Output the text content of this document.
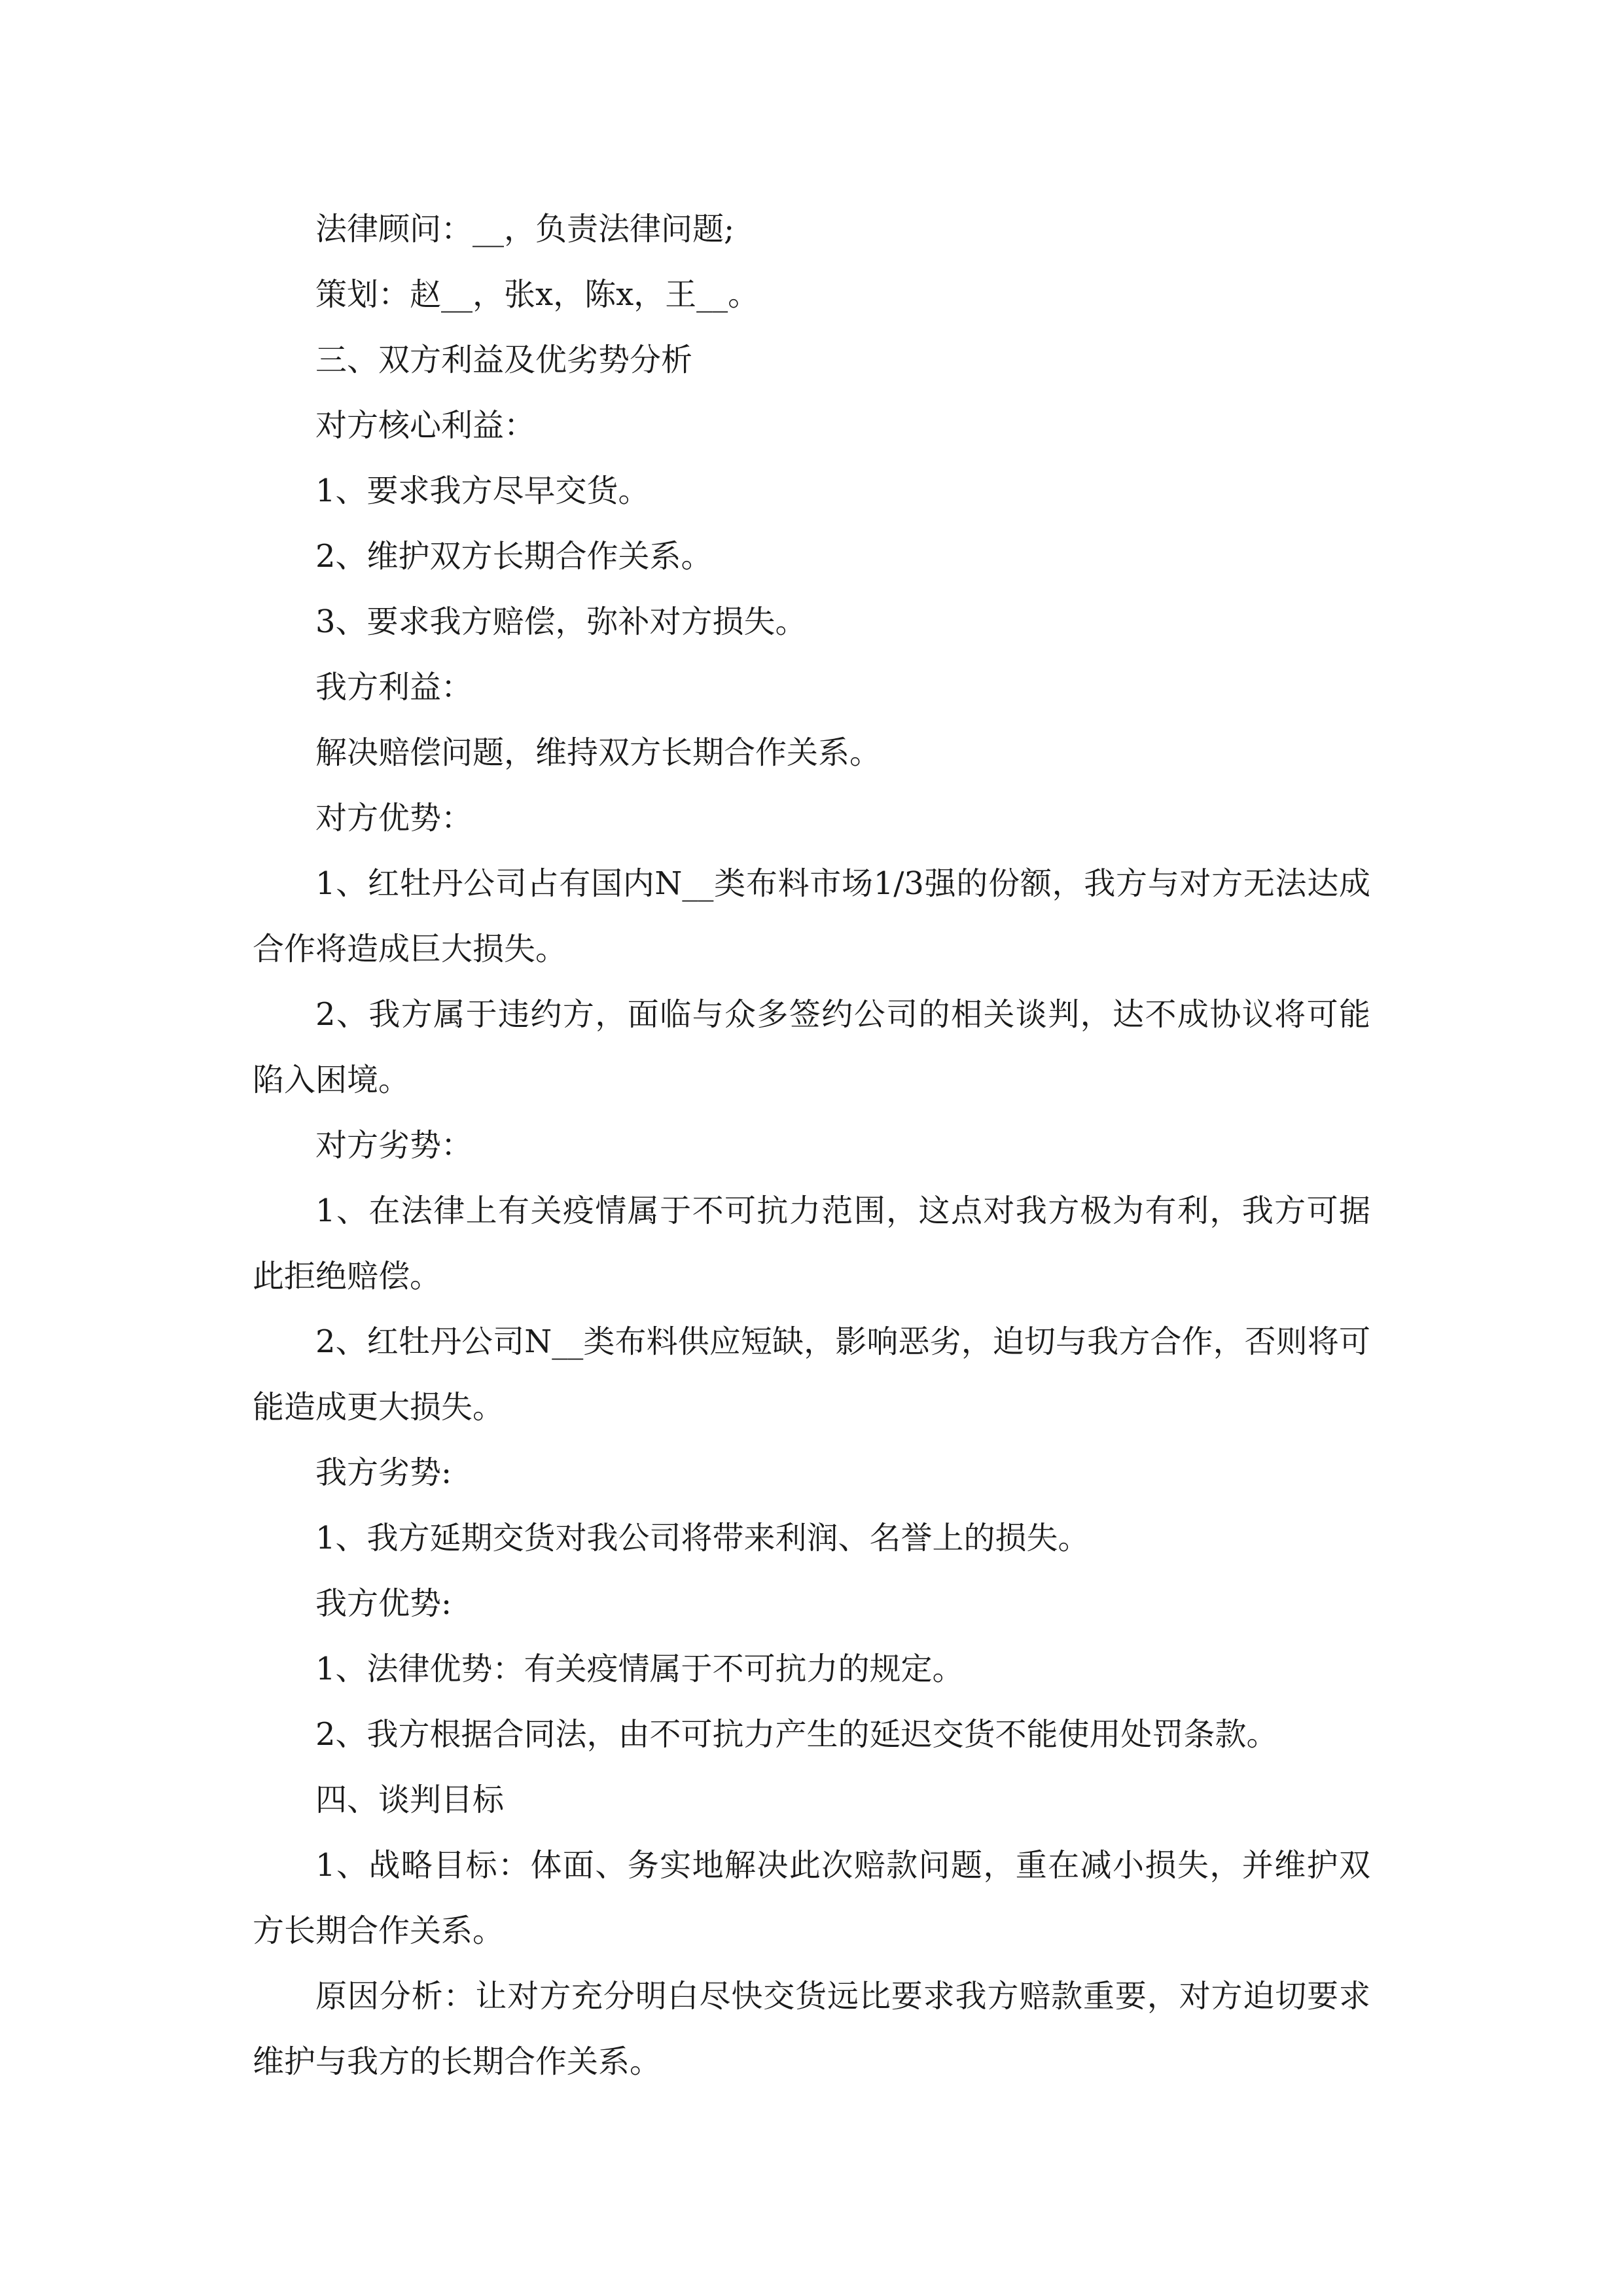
法律顾问：__，负责法律问题;

策划：赵__，张x，陈x，王__。

三、双方利益及优劣势分析

对方核心利益：

1、要求我方尽早交货。

2、维护双方长期合作关系。

3、要求我方赔偿，弥补对方损失。

我方利益：

解决赔偿问题，维持双方长期合作关系。

对方优势：

1、红牡丹公司占有国内N__类布料市场1/3强的份额，我方与对方无法达成合作将造成巨大损失。

2、我方属于违约方，面临与众多签约公司的相关谈判，达不成协议将可能陷入困境。

对方劣势：

1、在法律上有关疫情属于不可抗力范围，这点对我方极为有利，我方可据此拒绝赔偿。

2、红牡丹公司N__类布料供应短缺，影响恶劣，迫切与我方合作，否则将可能造成更大损失。

我方劣势:

1、我方延期交货对我公司将带来利润、名誉上的损失。

我方优势:

1、法律优势：有关疫情属于不可抗力的规定。

2、我方根据合同法，由不可抗力产生的延迟交货不能使用处罚条款。

四、谈判目标

1、战略目标：体面、务实地解决此次赔款问题，重在减小损失，并维护双方长期合作关系。

原因分析：让对方充分明白尽快交货远比要求我方赔款重要，对方迫切要求维护与我方的长期合作关系。
